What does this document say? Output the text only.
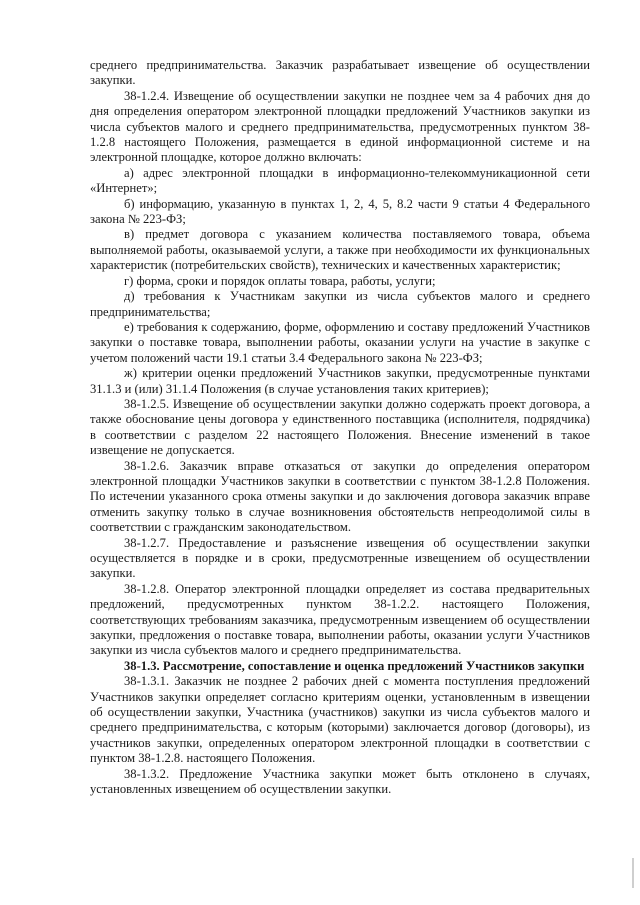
среднего предпринимательства. Заказчик разрабатывает извещение об осуществлении закупки.

38-1.2.4. Извещение об осуществлении закупки не позднее чем за 4 рабочих дня до дня определения оператором электронной площадки предложений Участников закупки из числа субъектов малого и среднего предпринимательства, предусмотренных пунктом 38-1.2.8 настоящего Положения, размещается в единой информационной системе и на электронной площадке, которое должно включать:

а) адрес электронной площадки в информационно-телекоммуникационной сети «Интернет»;

б) информацию, указанную в пунктах 1, 2, 4, 5, 8.2 части 9 статьи 4 Федерального закона № 223-ФЗ;

в) предмет договора с указанием количества поставляемого товара, объема выполняемой работы, оказываемой услуги, а также при необходимости их функциональных характеристик (потребительских свойств), технических и качественных характеристик;

г) форма, сроки и порядок оплаты товара, работы, услуги;

д) требования к Участникам закупки из числа субъектов малого и среднего предпринимательства;

е) требования к содержанию, форме, оформлению и составу предложений Участников закупки о поставке товара, выполнении работы, оказании услуги на участие в закупке с учетом положений части 19.1 статьи 3.4 Федерального закона № 223-ФЗ;

ж) критерии оценки предложений Участников закупки, предусмотренные пунктами 31.1.3 и (или) 31.1.4 Положения (в случае установления таких критериев);

38-1.2.5. Извещение об осуществлении закупки должно содержать проект договора, а также обоснование цены договора у единственного поставщика (исполнителя, подрядчика) в соответствии с разделом 22 настоящего Положения. Внесение изменений в такое извещение не допускается.

38-1.2.6. Заказчик вправе отказаться от закупки до определения оператором электронной площадки Участников закупки в соответствии с пунктом 38-1.2.8 Положения. По истечении указанного срока отмены закупки и до заключения договора заказчик вправе отменить закупку только в случае возникновения обстоятельств непреодолимой силы в соответствии с гражданским законодательством.

38-1.2.7. Предоставление и разъяснение извещения об осуществлении закупки осуществляется в порядке и в сроки, предусмотренные извещением об осуществлении закупки.

38-1.2.8. Оператор электронной площадки определяет из состава предварительных предложений, предусмотренных пунктом 38-1.2.2. настоящего Положения, соответствующих требованиям заказчика, предусмотренным извещением об осуществлении закупки, предложения о поставке товара, выполнении работы, оказании услуги Участников закупки из числа субъектов малого и среднего предпринимательства.

38-1.3. Рассмотрение, сопоставление и оценка предложений Участников закупки

38-1.3.1. Заказчик не позднее 2 рабочих дней с момента поступления предложений Участников закупки определяет согласно критериям оценки, установленным в извещении об осуществлении закупки, Участника (участников) закупки из числа субъектов малого и среднего предпринимательства, с которым (которыми) заключается договор (договоры), из участников закупки, определенных оператором электронной площадки в соответствии с пунктом 38-1.2.8. настоящего Положения.

38-1.3.2. Предложение Участника закупки может быть отклонено в случаях, установленных извещением об осуществлении закупки.
